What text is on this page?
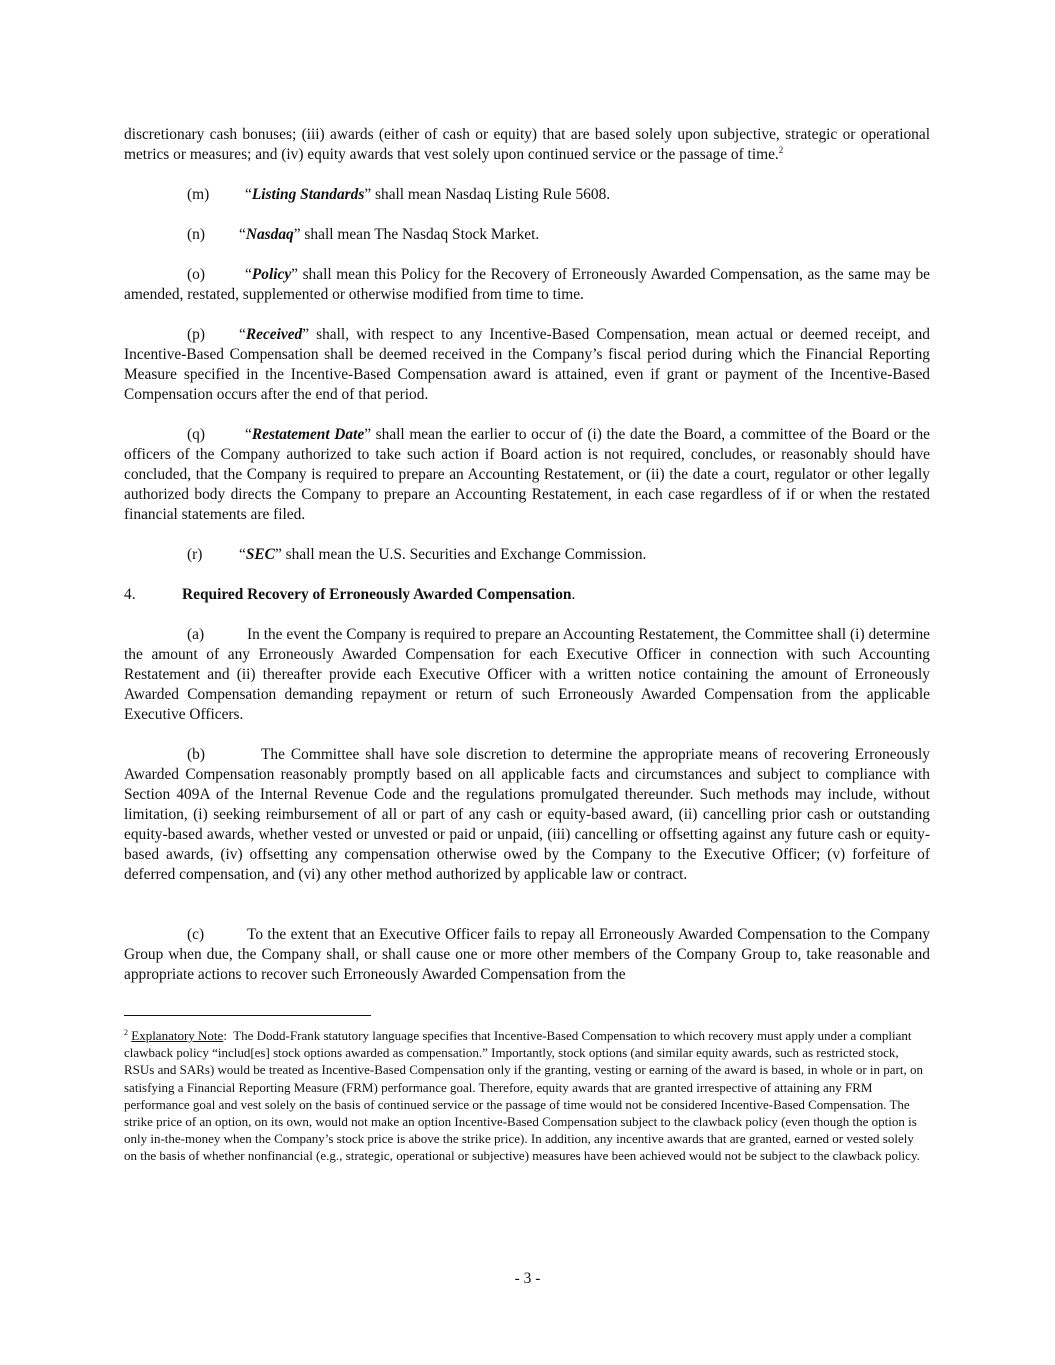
discretionary cash bonuses; (iii) awards (either of cash or equity) that are based solely upon subjective, strategic or operational metrics or measures; and (iv) equity awards that vest solely upon continued service or the passage of time.$^2$

(m) “Listing Standards” shall mean Nasdaq Listing Rule 5608.

(n) “Nasdaq” shall mean The Nasdaq Stock Market.

(o)	“Policy” shall mean this Policy for the Recovery of Erroneously Awarded Compensation, as the same may be amended, restated, supplemented or otherwise modified from time to time.

(p) “Received” shall, with respect to any Incentive-Based Compensation, mean actual or deemed receipt, and Incentive-Based Compensation shall be deemed received in the Company’s fiscal period during which the Financial Reporting Measure specified in the Incentive-Based Compensation award is attained, even if grant or payment of the Incentive-Based Compensation occurs after the end of that period.

(q)	“Restatement Date” shall mean the earlier to occur of (i) the date the Board, a committee of the Board or the officers of the Company authorized to take such action if Board action is not required, concludes, or reasonably should have concluded, that the Company is required to prepare an Accounting Restatement, or (ii) the date a court, regulator or other legally authorized body directs the Company to prepare an Accounting Restatement, in each case regardless of if or when the restated financial statements are filed.

(r) “SEC” shall mean the U.S. Securities and Exchange Commission.

4.	Required Recovery of Erroneously Awarded Compensation.

(a)	In the event the Company is required to prepare an Accounting Restatement, the Committee shall (i) determine the amount of any Erroneously Awarded Compensation for each Executive Officer in connection with such Accounting Restatement and (ii) thereafter provide each Executive Officer with a written notice containing the amount of Erroneously Awarded Compensation demanding repayment or return of such Erroneously Awarded Compensation from the applicable Executive Officers.

(b)	The Committee shall have sole discretion to determine the appropriate means of recovering Erroneously Awarded Compensation reasonably promptly based on all applicable facts and circumstances and subject to compliance with Section 409A of the Internal Revenue Code and the regulations promulgated thereunder. Such methods may include, without limitation, (i) seeking reimbursement of all or part of any cash or equity-based award, (ii) cancelling prior cash or outstanding equity-based awards, whether vested or unvested or paid or unpaid, (iii) cancelling or offsetting against any future cash or equity-based awards, (iv) offsetting any compensation otherwise owed by the Company to the Executive Officer; (v) forfeiture of deferred compensation, and (vi) any other method authorized by applicable law or contract.

(c)	To the extent that an Executive Officer fails to repay all Erroneously Awarded Compensation to the Company Group when due, the Company shall, or shall cause one or more other members of the Company Group to, take reasonable and appropriate actions to recover such Erroneously Awarded Compensation from the

$^2$ Explanatory Note:  The Dodd-Frank statutory language specifies that Incentive-Based Compensation to which recovery must apply under a compliant clawback policy “includ[es] stock options awarded as compensation.” Importantly, stock options (and similar equity awards, such as restricted stock, RSUs and SARs) would be treated as Incentive-Based Compensation only if the granting, vesting or earning of the award is based, in whole or in part, on satisfying a Financial Reporting Measure (FRM) performance goal. Therefore, equity awards that are granted irrespective of attaining any FRM performance goal and vest solely on the basis of continued service or the passage of time would not be considered Incentive-Based Compensation. The strike price of an option, on its own, would not make an option Incentive-Based Compensation subject to the clawback policy (even though the option is only in-the-money when the Company’s stock price is above the strike price). In addition, any incentive awards that are granted, earned or vested solely on the basis of whether nonfinancial (e.g., strategic, operational or subjective) measures have been achieved would not be subject to the clawback policy.

- 3 -
